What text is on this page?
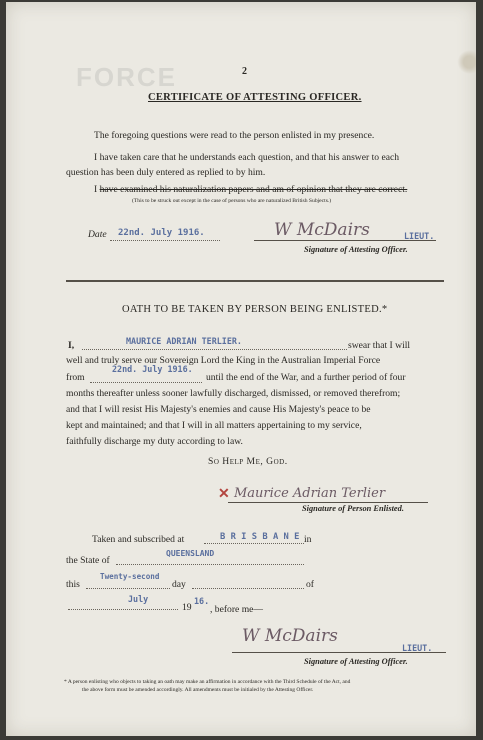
FORCE	2
CERTIFICATE OF ATTESTING OFFICER.
The foregoing questions were read to the person enlisted in my presence.
I have taken care that he understands each question, and that his answer to each
question has been duly entered as replied to by him.
I have examined his naturalization papers and am of opinion that they are correct.
(This to be struck out except in the case of persons who are naturalized British Subjects.)
Date 22nd. July 1916.	W McDairs	LIEUT.
Signature of Attesting Officer.
OATH TO BE TAKEN BY PERSON BEING ENLISTED.*
I,	MAURICE ADRIAN TERLIER.	swear that I will
well and truly serve our Sovereign Lord the King in the Australian Imperial Force
from
22nd. July 1916.
until the end of the War, and a further period of four
months thereafter unless sooner lawfully discharged, dismissed, or removed therefrom;
and that I will resist His Majesty's enemies and cause His Majesty's peace to be
kept and maintained; and that I will in all matters appertaining to my service,
faithfully discharge my duty according to law.
So Help Me, God.
✕ Maurice Adrian Terlier
Signature of Person Enlisted.
Taken and subscribed at	B R I S B A N E in
the State of
QUEENSLAND
this
Twenty-second
day	of
July
19
16.
, before me—
W McDairs
LIEUT.
Signature of Attesting Officer.
* A person enlisting who objects to taking an oath may make an affirmation in accordance with the Third Schedule of the Act, and
the above form must be amended accordingly. All amendments must be initialed by the Attesting Officer.
